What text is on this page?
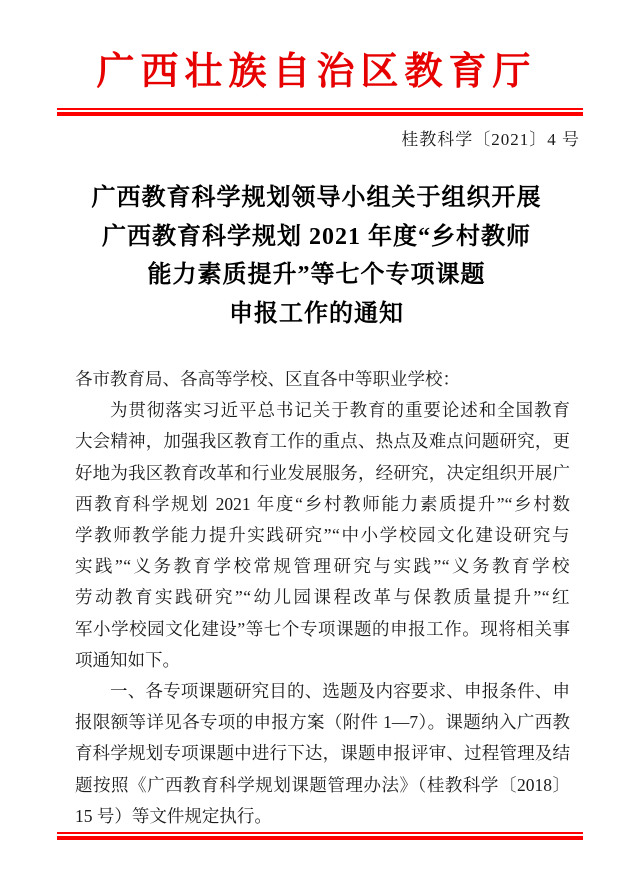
广西壮族自治区教育厅
桂教科学〔2021〕4 号
广西教育科学规划领导小组关于组织开展
广西教育科学规划 2021 年度“乡村教师
能力素质提升”等七个专项课题
申报工作的通知
各市教育局、各高等学校、区直各中等职业学校：
为贯彻落实习近平总书记关于教育的重要论述和全国教育
大会精神，加强我区教育工作的重点、热点及难点问题研究，更
好地为我区教育改革和行业发展服务，经研究，决定组织开展广
西教育科学规划 2021 年度“乡村教师能力素质提升”“乡村数
学教师教学能力提升实践研究”“中小学校园文化建设研究与
实践”“义务教育学校常规管理研究与实践”“义务教育学校
劳动教育实践研究”“幼儿园课程改革与保教质量提升”“红
军小学校园文化建设”等七个专项课题的申报工作。现将相关事
项通知如下。
一、各专项课题研究目的、选题及内容要求、申报条件、申
报限额等详见各专项的申报方案（附件 1—7）。课题纳入广西教
育科学规划专项课题中进行下达，课题申报评审、过程管理及结
题按照《广西教育科学规划课题管理办法》（桂教科学〔2018〕
15 号）等文件规定执行。
